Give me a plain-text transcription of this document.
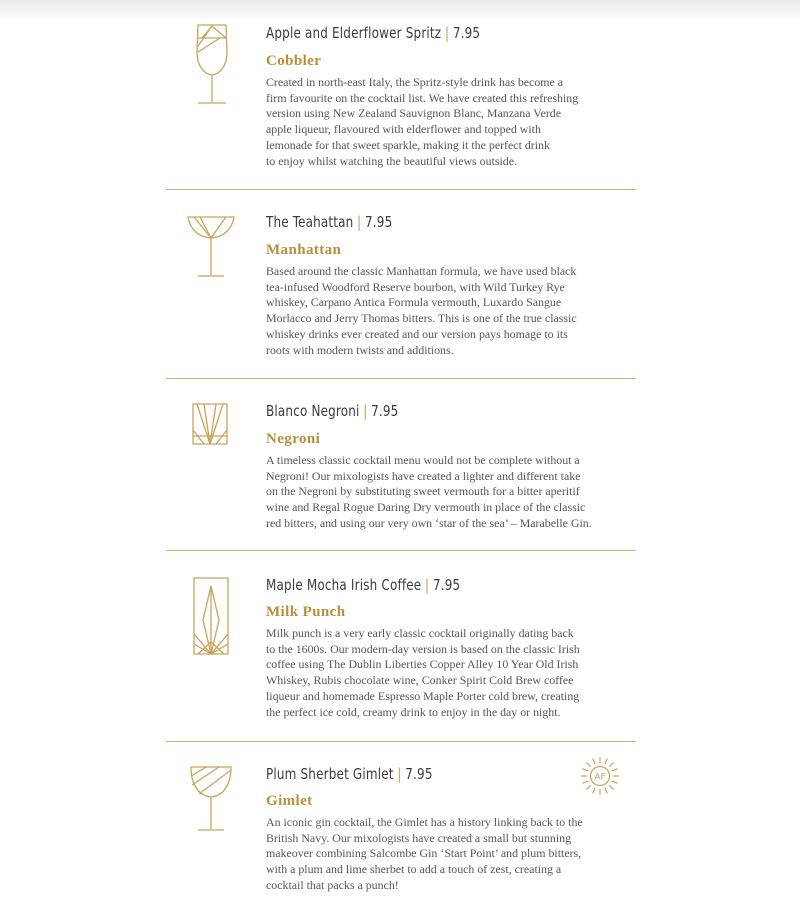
Apple and Elderflower Spritz | 7.95
Cobbler
Created in north-east Italy, the Spritz-style drink has become a
firm favourite on the cocktail list. We have created this refreshing
version using New Zealand Sauvignon Blanc, Manzana Verde
apple liqueur, flavoured with elderflower and topped with
lemonade for that sweet sparkle, making it the perfect drink
to enjoy whilst watching the beautiful views outside.
The Teahattan | 7.95
Manhattan
Based around the classic Manhattan formula, we have used black
tea-infused Woodford Reserve bourbon, with Wild Turkey Rye
whiskey, Carpano Antica Formula vermouth, Luxardo Sangue
Morlacco and Jerry Thomas bitters. This is one of the true classic
whiskey drinks ever created and our version pays homage to its
roots with modern twists and additions.
Blanco Negroni | 7.95
Negroni
A timeless classic cocktail menu would not be complete without a
Negroni! Our mixologists have created a lighter and different take
on the Negroni by substituting sweet vermouth for a bitter aperitif
wine and Regal Rogue Daring Dry vermouth in place of the classic
red bitters, and using our very own ‘star of the sea’ – Marabelle Gin.
Maple Mocha Irish Coffee | 7.95
Milk Punch
Milk punch is a very early classic cocktail originally dating back
to the 1600s. Our modern-day version is based on the classic Irish
coffee using The Dublin Liberties Copper Alley 10 Year Old Irish
Whiskey, Rubis chocolate wine, Conker Spirit Cold Brew coffee
liqueur and homemade Espresso Maple Porter cold brew, creating
the perfect ice cold, creamy drink to enjoy in the day or night.
Plum Sherbet Gimlet | 7.95
Gimlet
An iconic gin cocktail, the Gimlet has a history linking back to the
British Navy. Our mixologists have created a small but stunning
makeover combining Salcombe Gin ‘Start Point’ and plum bitters,
with a plum and lime sherbet to add a touch of zest, creating a
cocktail that packs a punch!
AF
